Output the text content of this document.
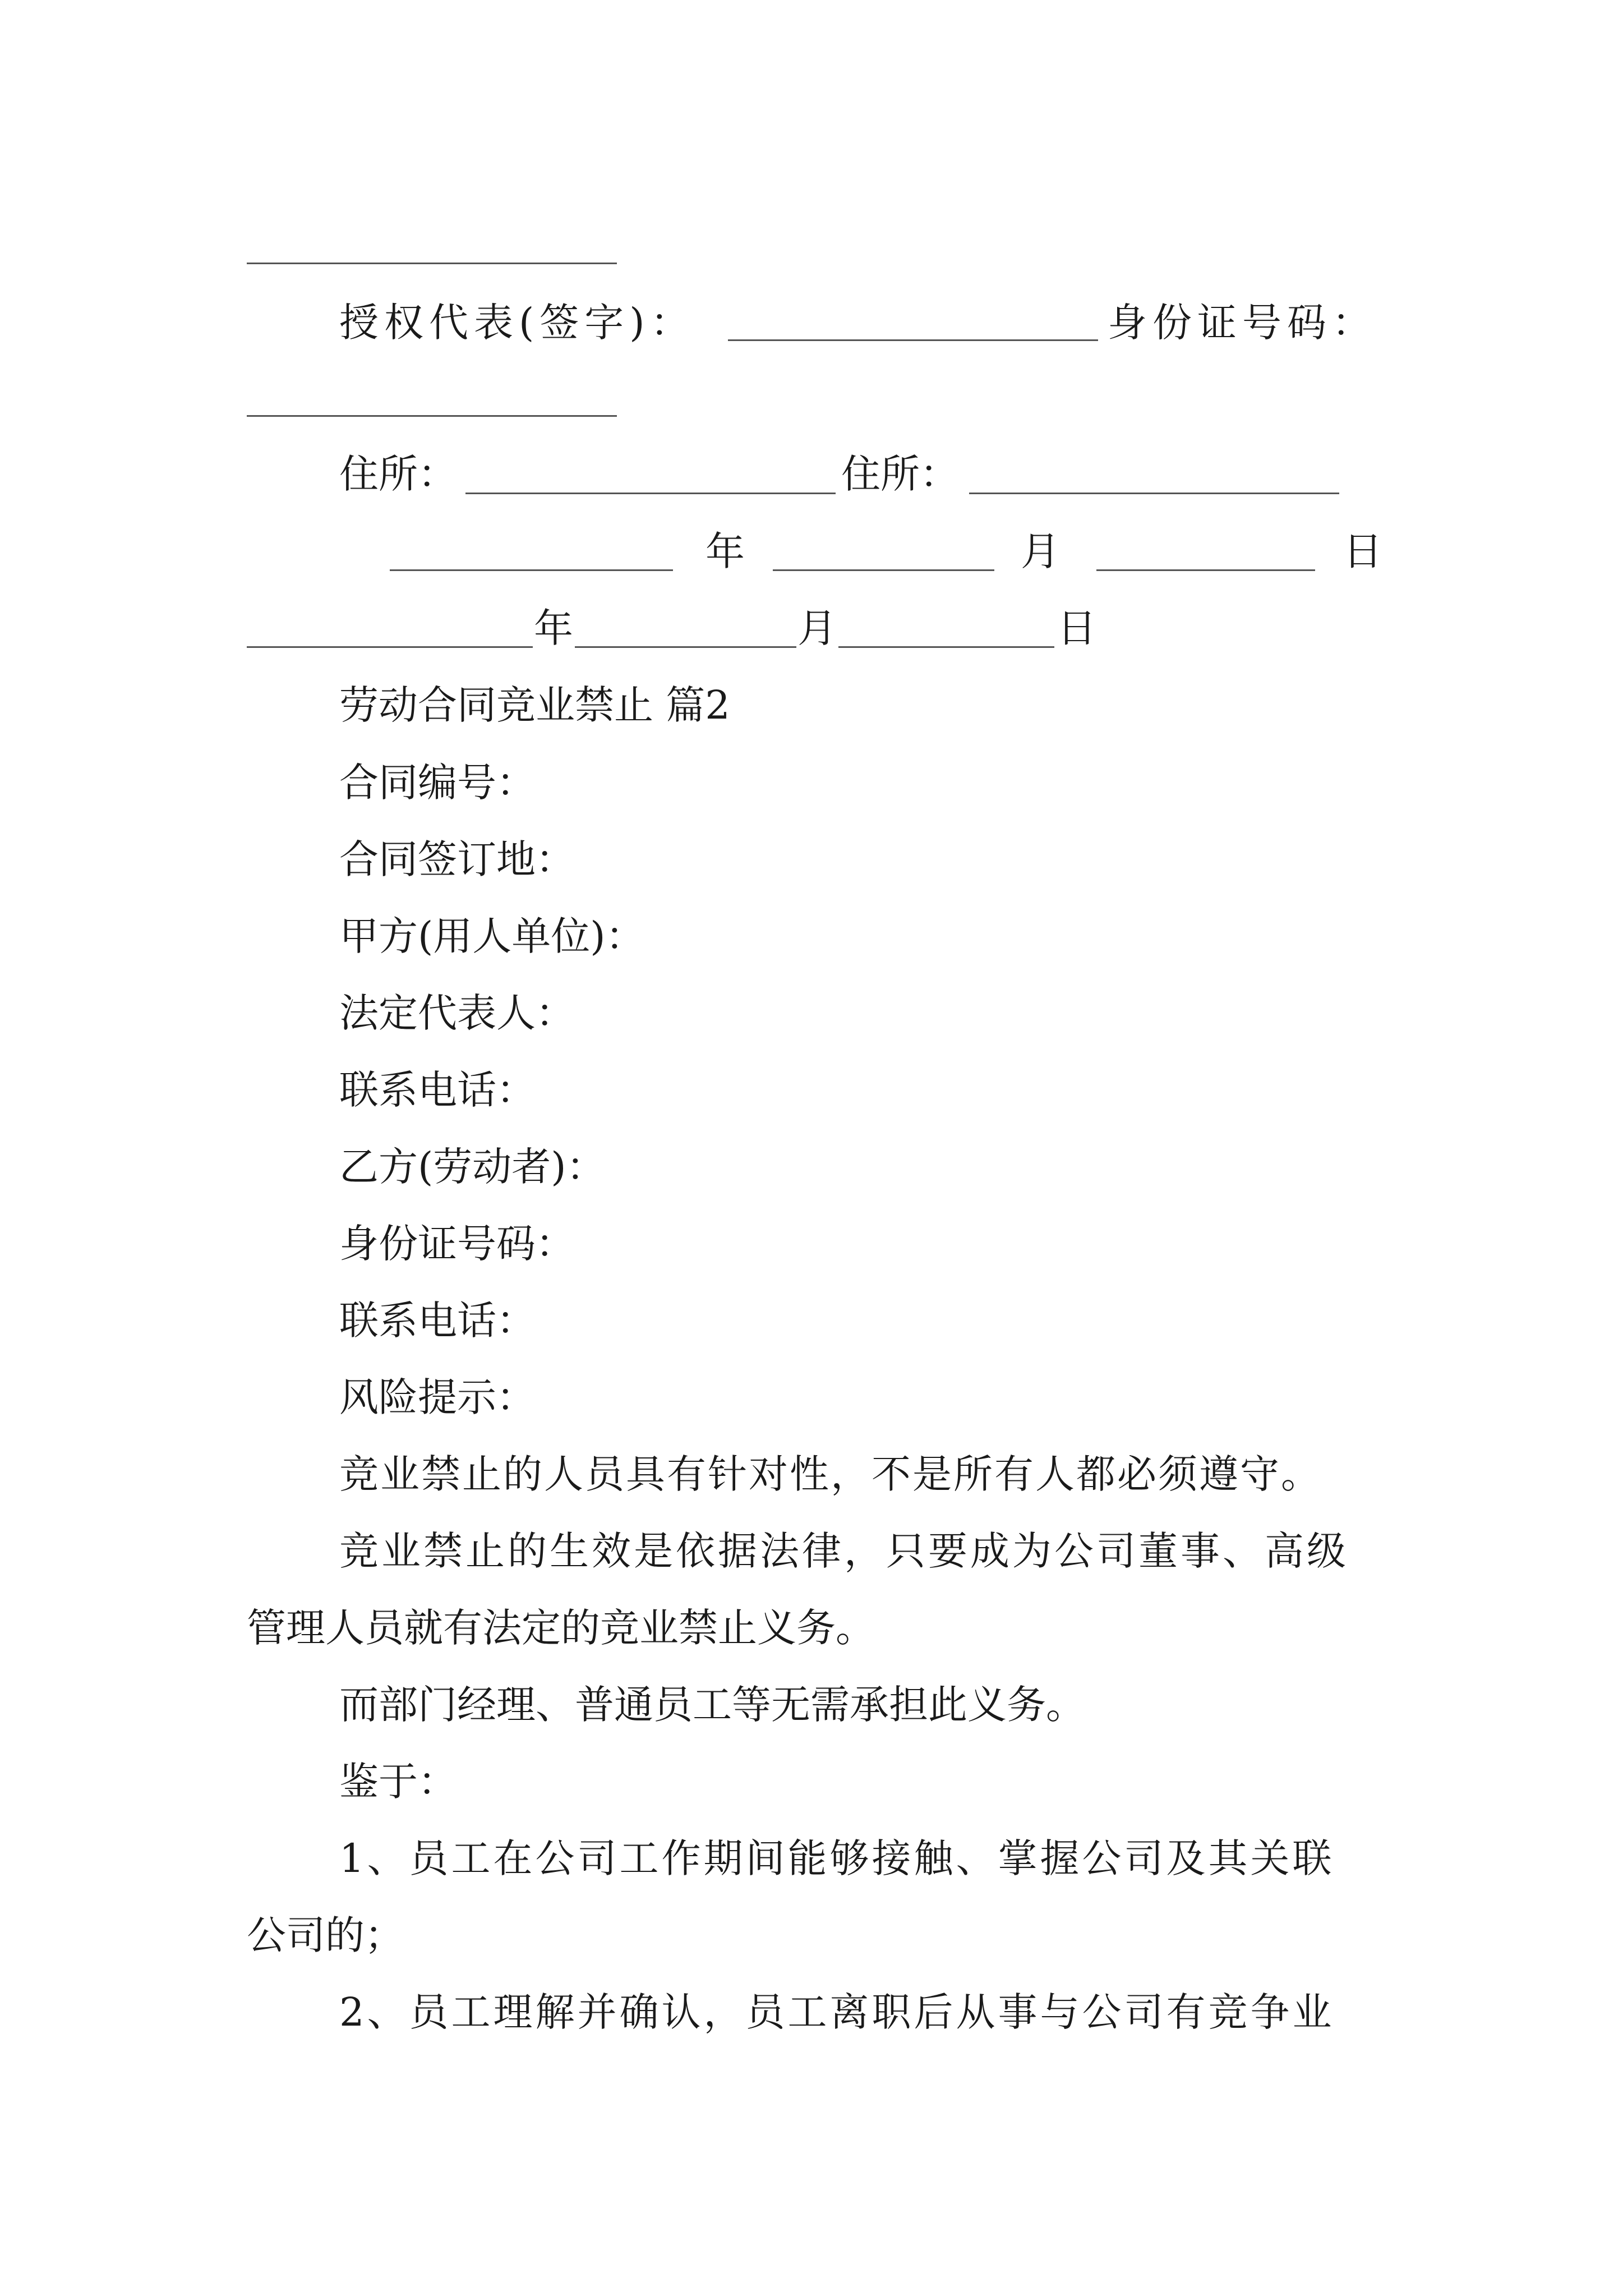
授权代表(签字)：	身份证号码：
住所：	住所：
年	月	日
年	月	日
劳动合同竞业禁止 篇2
合同编号：
合同签订地：
甲方(用人单位)：
法定代表人：
联系电话：
乙方(劳动者)：
身份证号码：
联系电话：
风险提示：
竞业禁止的人员具有针对性，不是所有人都必须遵守。
竞业禁止的生效是依据法律，只要成为公司董事、高级
管理人员就有法定的竞业禁止义务。
而部门经理、普通员工等无需承担此义务。
鉴于：
1、员工在公司工作期间能够接触、掌握公司及其关联
公司的；
2、员工理解并确认，员工离职后从事与公司有竞争业
